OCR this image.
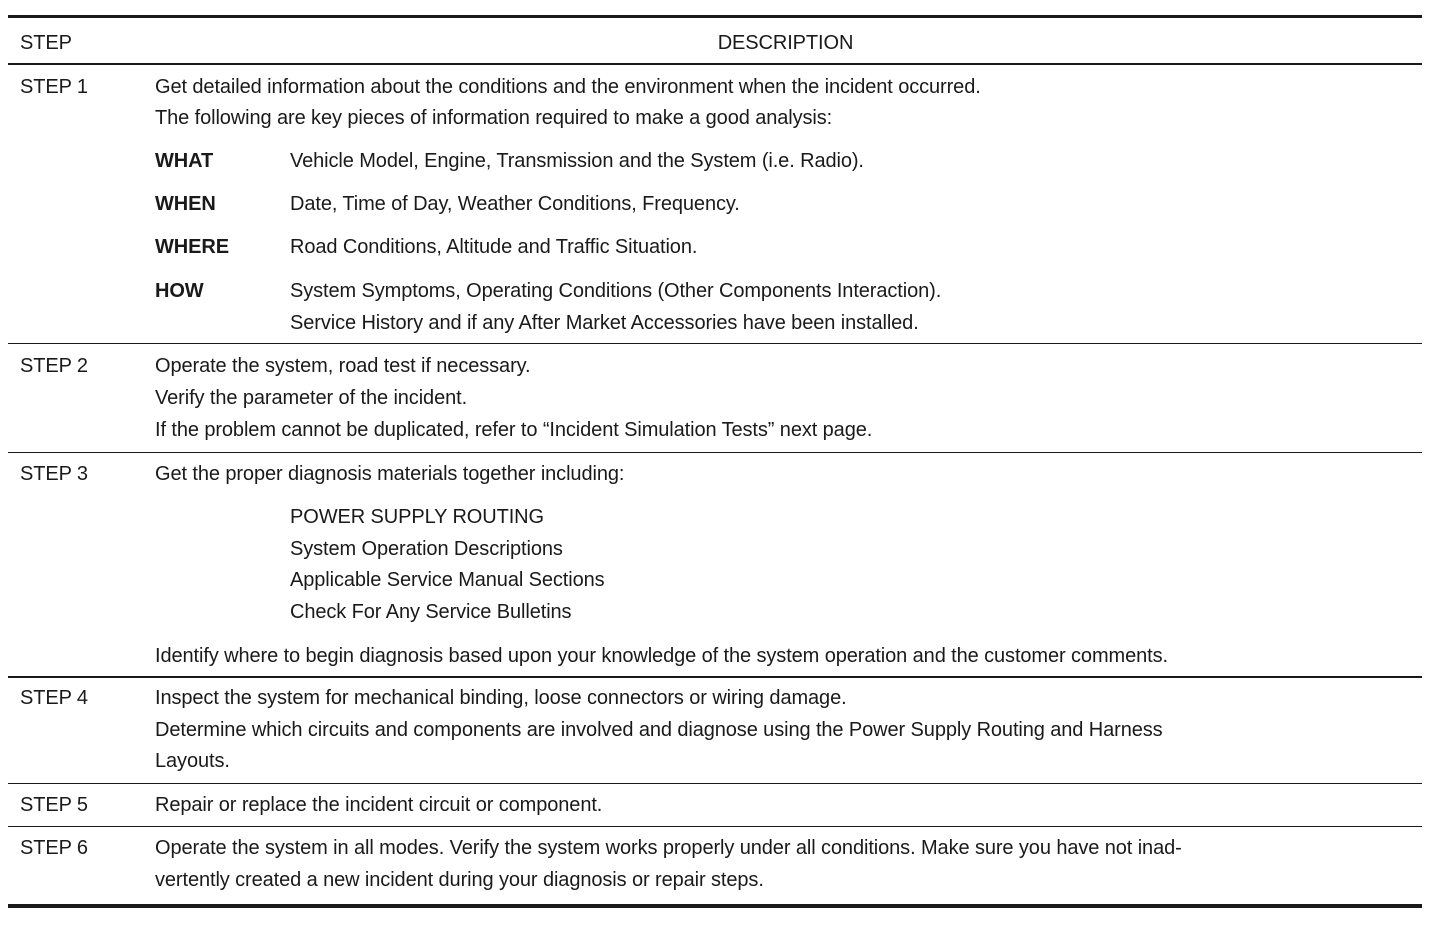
STEP	DESCRIPTION
STEP 1	Get detailed information about the conditions and the environment when the incident occurred.
The following are key pieces of information required to make a good analysis:
WHAT	Vehicle Model, Engine, Transmission and the System (i.e. Radio).
WHEN	Date, Time of Day, Weather Conditions, Frequency.
WHERE	Road Conditions, Altitude and Traffic Situation.
HOW	System Symptoms, Operating Conditions (Other Components Interaction).
Service History and if any After Market Accessories have been installed.
STEP 2	Operate the system, road test if necessary.
Verify the parameter of the incident.
If the problem cannot be duplicated, refer to “Incident Simulation Tests” next page.
STEP 3	Get the proper diagnosis materials together including:
POWER SUPPLY ROUTING
System Operation Descriptions
Applicable Service Manual Sections
Check For Any Service Bulletins
Identify where to begin diagnosis based upon your knowledge of the system operation and the customer comments.
STEP 4	Inspect the system for mechanical binding, loose connectors or wiring damage.
Determine which circuits and components are involved and diagnose using the Power Supply Routing and Harness
Layouts.
STEP 5	Repair or replace the incident circuit or component.
STEP 6	Operate the system in all modes. Verify the system works properly under all conditions. Make sure you have not inad-
vertently created a new incident during your diagnosis or repair steps.
